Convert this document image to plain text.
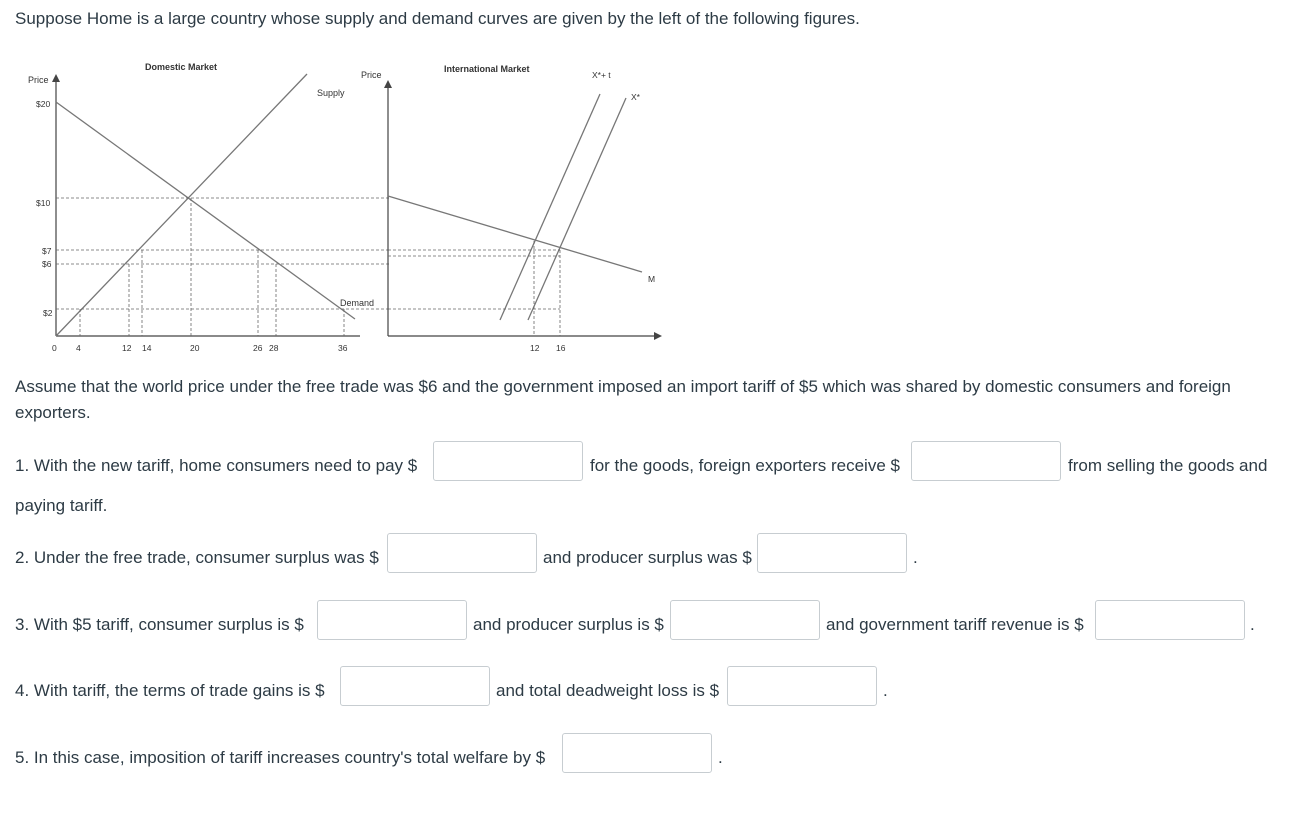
Suppose Home is a large country whose supply and demand curves are given by the left of the following figures.

Domestic Market
Price
Supply
Demand
$20
$10
$7
$6
$2
0 4	12 14	20	26 28	36
Price
International Market
M
X*+ t
X*
12 16

Assume that the world price under the free trade was $6 and the government imposed an import tariff of $5 which was shared by domestic consumers and foreign exporters.

1. With the new tariff, home consumers need to pay $	for the goods, foreign exporters receive $	from selling the goods and
paying tariff.
2. Under the free trade, consumer surplus was $	and producer surplus was $	.
3. With $5 tariff, consumer surplus is $	and producer surplus is $	and government tariff revenue is $	.
4. With tariff, the terms of trade gains is $	and total deadweight loss is $	.
5. In this case, imposition of tariff increases country's total welfare by $	.
